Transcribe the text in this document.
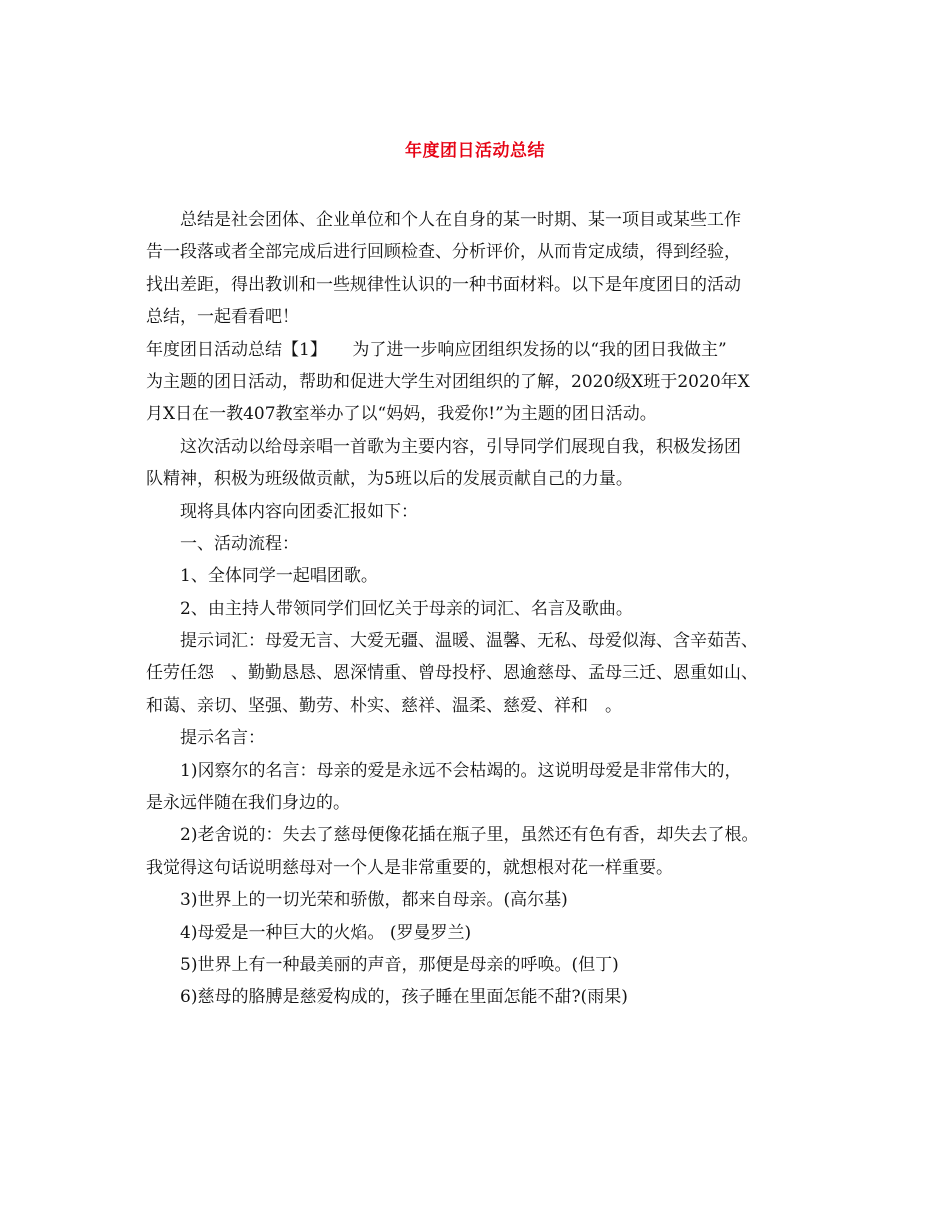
年度团日活动总结
总结是社会团体、企业单位和个人在自身的某一时期、某一项目或某些工作
告一段落或者全部完成后进行回顾检查、分析评价，从而肯定成绩，得到经验，
找出差距，得出教训和一些规律性认识的一种书面材料。以下是年度团日的活动
总结，一起看看吧！
年度团日活动总结【1】　　为了进一步响应团组织发扬的以“我的团日我做主”
为主题的团日活动，帮助和促进大学生对团组织的了解，2020级X班于2020年X
月X日在一教407教室举办了以“妈妈，我爱你!”为主题的团日活动。
这次活动以给母亲唱一首歌为主要内容，引导同学们展现自我，积极发扬团
队精神，积极为班级做贡献，为5班以后的发展贡献自己的力量。
现将具体内容向团委汇报如下：
一、活动流程：
1、全体同学一起唱团歌。
2、由主持人带领同学们回忆关于母亲的词汇、名言及歌曲。
提示词汇：母爱无言、大爱无疆、温暖、温馨、无私、母爱似海、含辛茹苦、
任劳任怨　、勤勤恳恳、恩深情重、曾母投杼、恩逾慈母、孟母三迁、恩重如山、
和蔼、亲切、坚强、勤劳、朴实、慈祥、温柔、慈爱、祥和　。
提示名言：
1)冈察尔的名言：母亲的爱是永远不会枯竭的。这说明母爱是非常伟大的，
是永远伴随在我们身边的。
2)老舍说的：失去了慈母便像花插在瓶子里，虽然还有色有香，却失去了根。
我觉得这句话说明慈母对一个人是非常重要的，就想根对花一样重要。
3)世界上的一切光荣和骄傲，都来自母亲。(高尔基)
4)母爱是一种巨大的火焰。 (罗曼罗兰)
5)世界上有一种最美丽的声音，那便是母亲的呼唤。(但丁)
6)慈母的胳膊是慈爱构成的，孩子睡在里面怎能不甜?(雨果)
